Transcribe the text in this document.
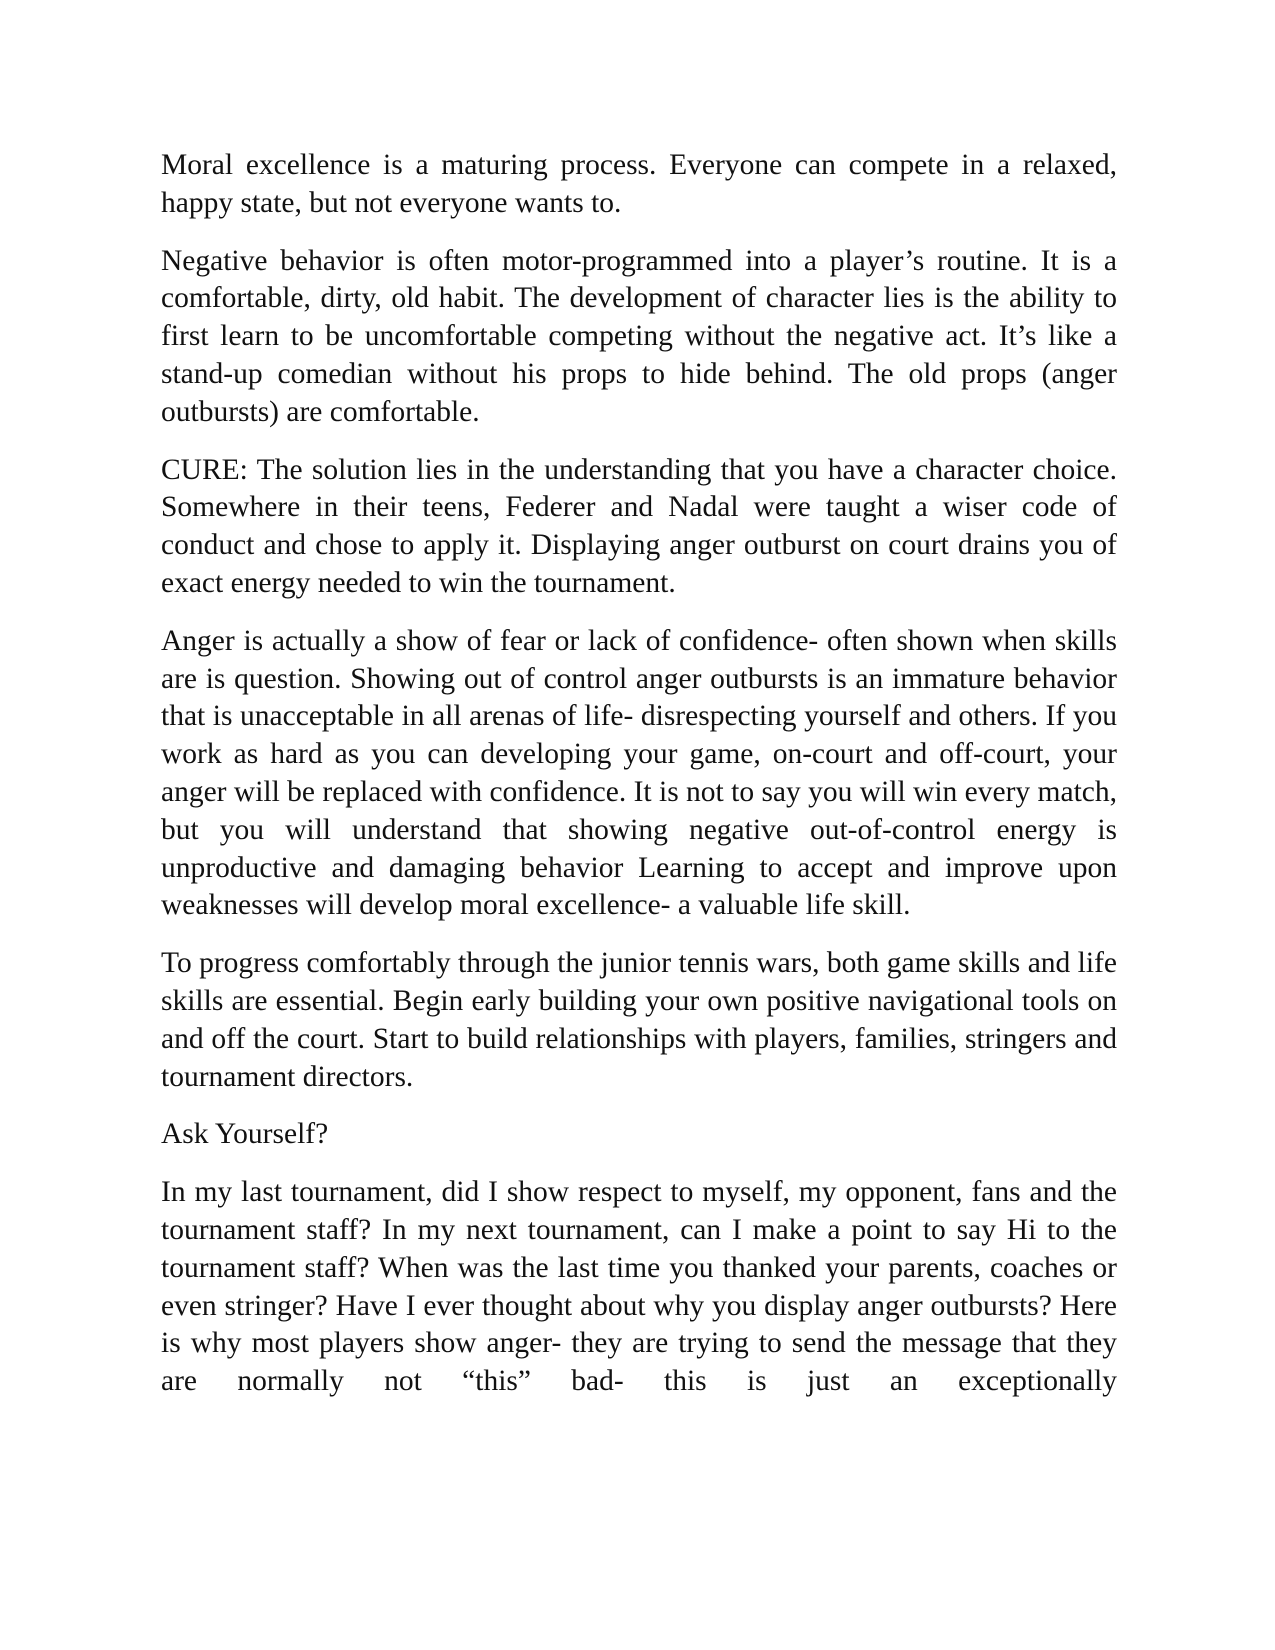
Moral excellence is a maturing process. Everyone can compete in a relaxed, happy state, but not everyone wants to.

Negative behavior is often motor-programmed into a player’s routine. It is a comfortable, dirty, old habit. The development of character lies is the ability to first learn to be uncomfortable competing without the negative act. It’s like a stand-up comedian without his props to hide behind. The old props (anger outbursts) are comfortable.

CURE: The solution lies in the understanding that you have a character choice. Somewhere in their teens, Federer and Nadal were taught a wiser code of conduct and chose to apply it. Displaying anger outburst on court drains you of exact energy needed to win the tournament.

Anger is actually a show of fear or lack of confidence- often shown when skills are is question. Showing out of control anger outbursts is an immature behavior that is unacceptable in all arenas of life- disrespecting yourself and others. If you work as hard as you can developing your game, on-court and off-court, your anger will be replaced with confidence. It is not to say you will win every match, but you will understand that showing negative out-of-control energy is unproductive and damaging behavior Learning to accept and improve upon weaknesses will develop moral excellence- a valuable life skill.

To progress comfortably through the junior tennis wars, both game skills and life skills are essential. Begin early building your own positive navigational tools on and off the court. Start to build relationships with players, families, stringers and tournament directors.

Ask Yourself?

In my last tournament, did I show respect to myself, my opponent, fans and the tournament staff? In my next tournament, can I make a point to say Hi to the tournament staff? When was the last time you thanked your parents, coaches or even stringer? Have I ever thought about why you display anger outbursts? Here is why most players show anger- they are trying to send the message that they are normally not “this” bad- this is just an exceptionally
